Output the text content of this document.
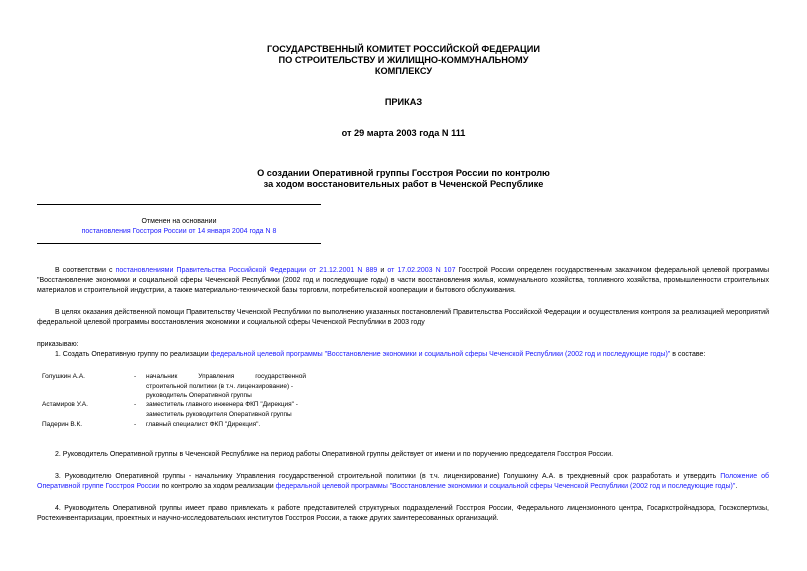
ГОСУДАРСТВЕННЫЙ КОМИТЕТ РОССИЙСКОЙ ФЕДЕРАЦИИ
ПО СТРОИТЕЛЬСТВУ И ЖИЛИЩНО-КОММУНАЛЬНОМУ
КОМПЛЕКСУ
ПРИКАЗ
от 29 марта 2003 года N 111
О создании Оперативной группы Госстроя России по контролю
за ходом восстановительных работ в Чеченской Республике
Отменен на основании
постановления Госстроя России от 14 января 2004 года N 8
В соответствии с постановлениями Правительства Российской Федерации от 21.12.2001 N 889 и от 17.02.2003 N 107 Госстрой России определен государственным заказчиком федеральной целевой программы "Восстановление экономики и социальной сферы Чеченской Республики (2002 год и последующие годы) в части восстановления жилья, коммунального хозяйства, топливного хозяйства, промышленности строительных материалов и строительной индустрии, а также материально-технической базы торговли, потребительской кооперации и бытового обслуживания.
В целях оказания действенной помощи Правительству Чеченской Республики по выполнению указанных постановлений Правительства Российской Федерации и осуществления контроля за реализацией мероприятий федеральной целевой программы восстановления экономики и социальной сферы Чеченской Республики в 2003 году
приказываю:
1. Создать Оперативную группу по реализации федеральной целевой программы "Восстановление экономики и социальной сферы Чеченской Республики (2002 год и последующие годы)" в составе:
Голушкин А.А.	- начальник Управления государственной
строительной политики (в т.ч. лицензирование) -
руководитель Оперативной группы
Астамиров У.А.	- заместитель главного инженера ФКП "Дирекция" -
заместитель руководителя Оперативной группы
Падерин В.К.	- главный специалист ФКП "Дирекция".
2. Руководитель Оперативной группы в Чеченской Республике на период работы Оперативной группы действует от имени и по поручению председателя Госстроя России.
3. Руководителю Оперативной группы - начальнику Управления государственной строительной политики (в т.ч. лицензирование) Голушкину А.А. в трехдневный срок разработать и утвердить Положение об Оперативной группе Госстроя России по контролю за ходом реализации федеральной целевой программы "Восстановление экономики и социальной сферы Чеченской Республики (2002 год и последующие годы)".
4. Руководитель Оперативной группы имеет право привлекать к работе представителей структурных подразделений Госстроя России, Федерального лицензионного центра, Госархстройнадзора, Госэкспертизы, Ростехинвентаризации, проектных и научно-исследовательских институтов Госстроя России, а также других заинтересованных организаций.
